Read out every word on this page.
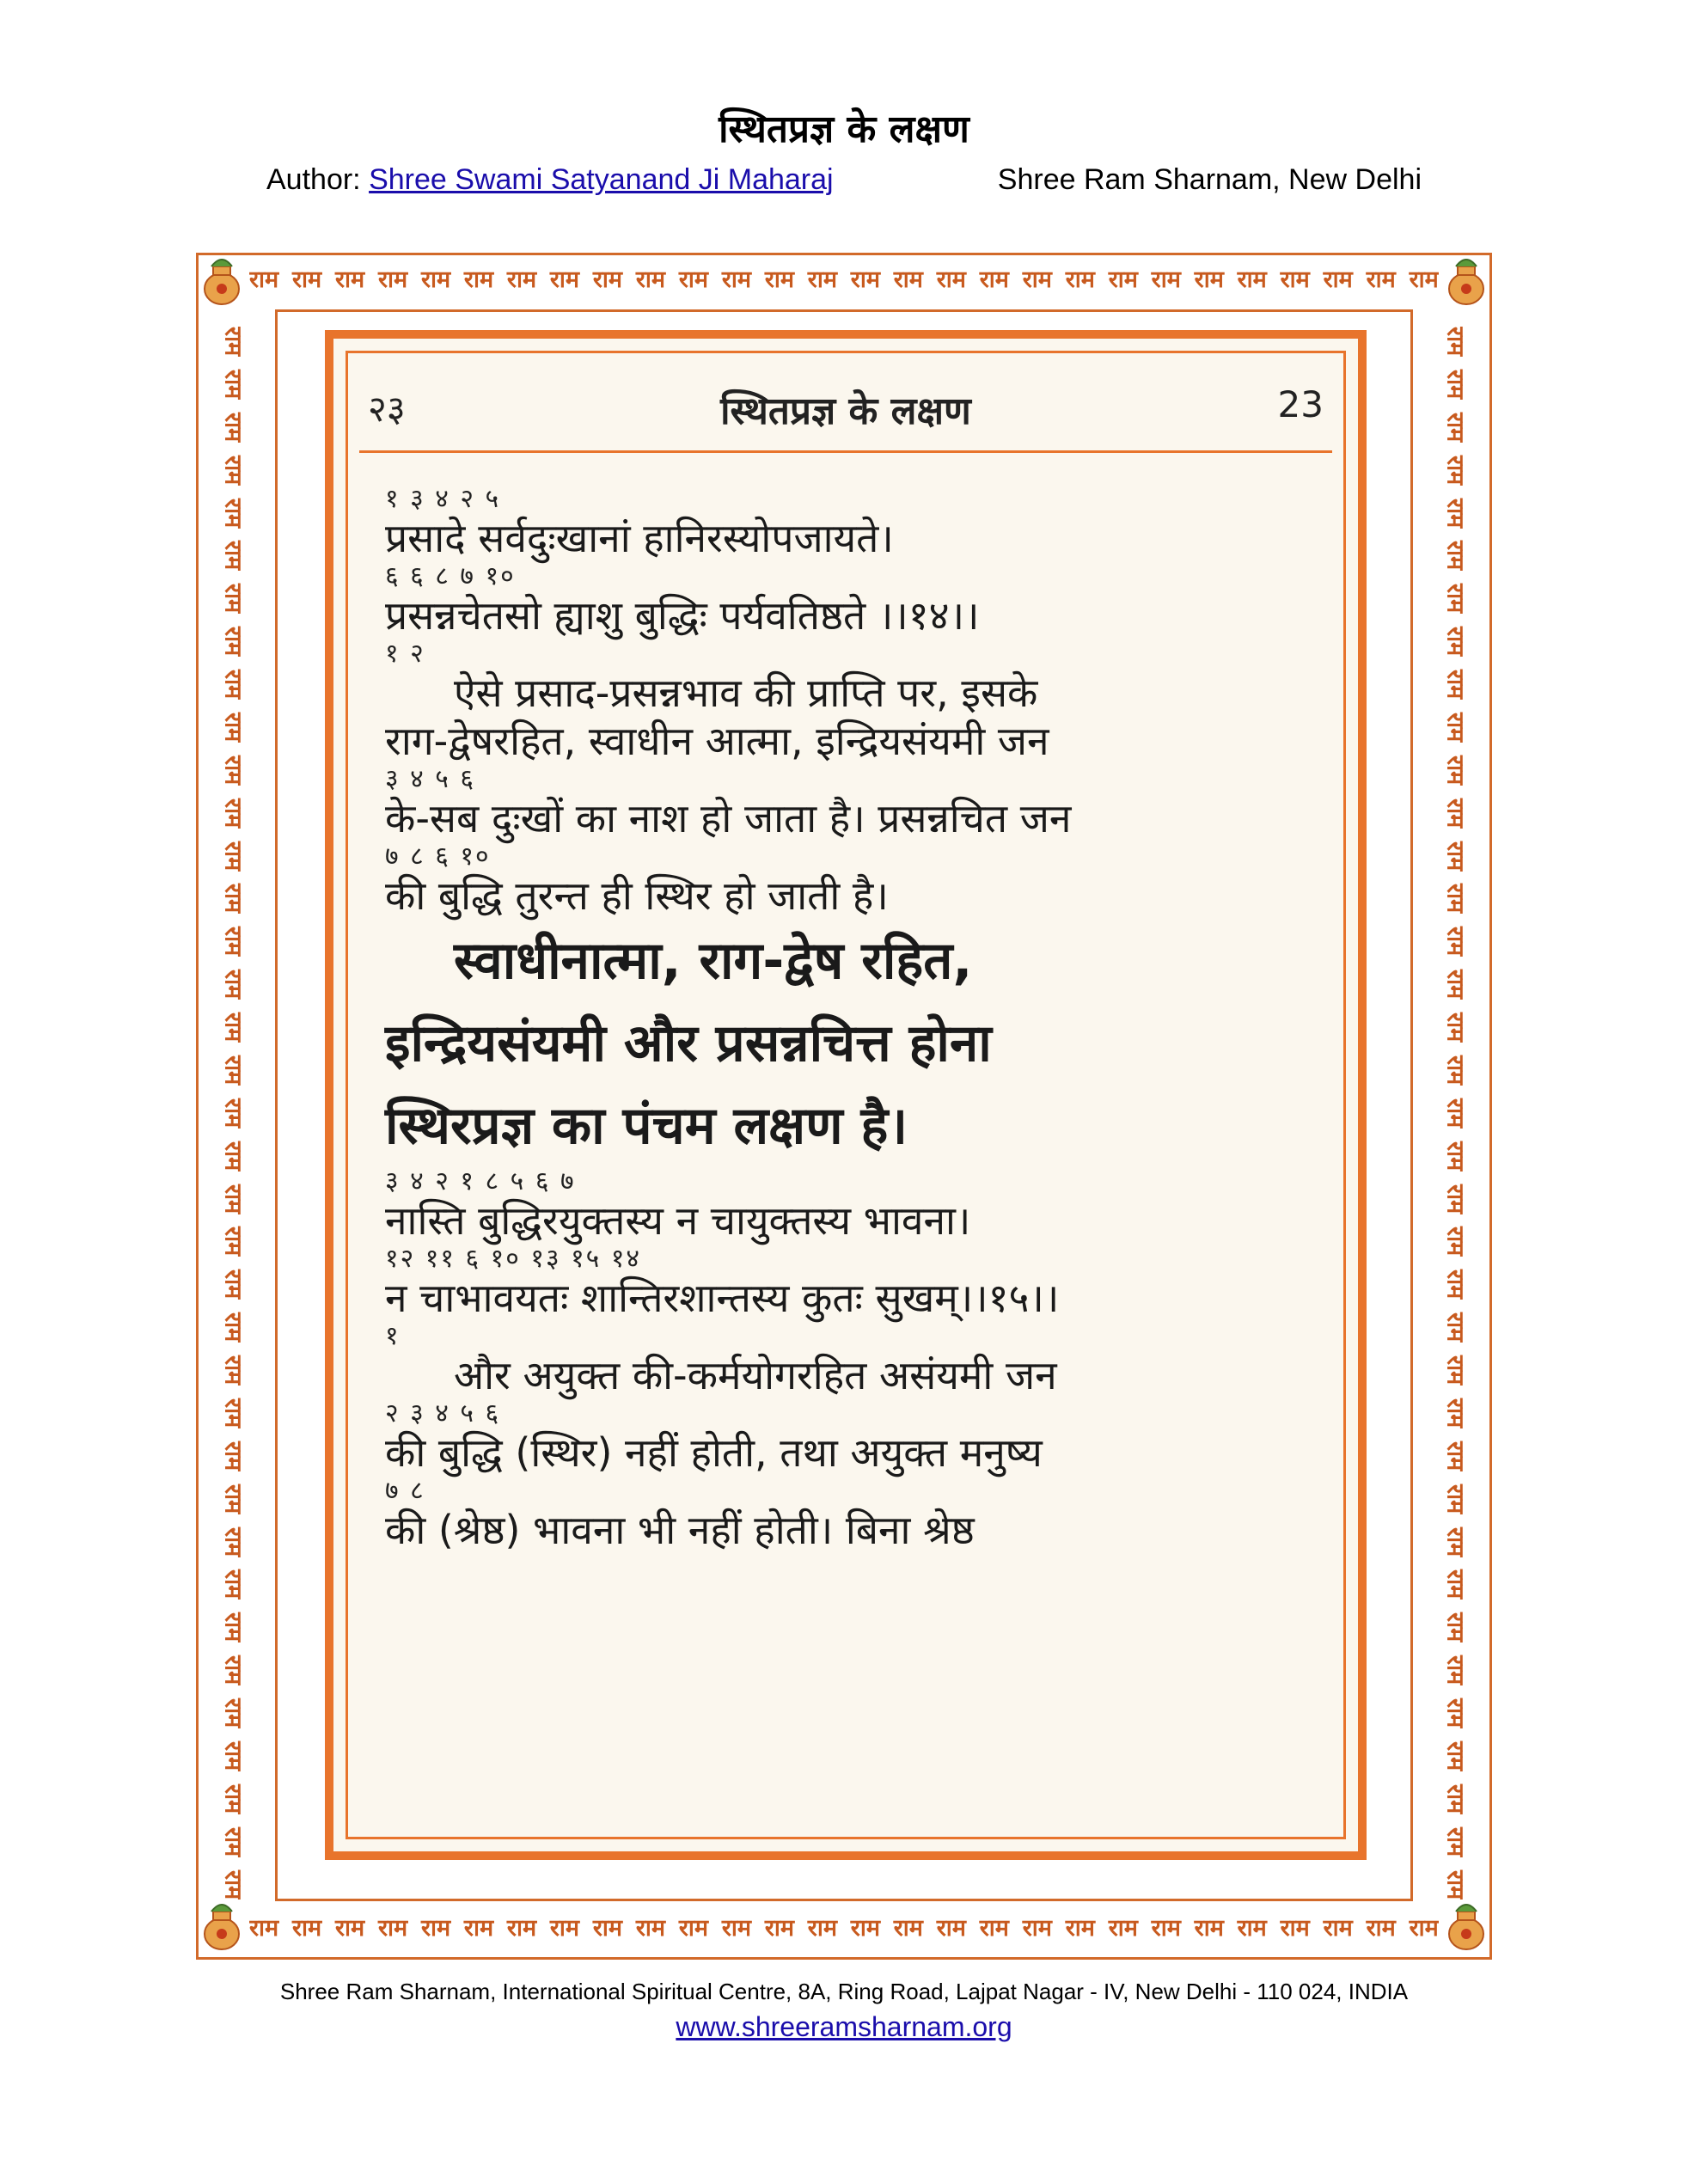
स्थितप्रज्ञ के लक्षण
Author: Shree Swami Satyanand Ji Maharaj	Shree Ram Sharnam, New Delhi
राम राम राम राम राम राम राम राम राम राम राम राम राम राम राम राम राम राम राम राम राम राम राम राम राम राम राम राम
राम राम राम राम राम राम राम राम राम राम राम राम राम राम राम राम राम राम राम राम राम राम राम राम राम राम राम राम
राम
राम
राम
राम
राम
राम
राम
राम
राम
राम
राम
राम
राम
राम
राम
राम
राम
राम
राम
राम
राम
राम
राम
राम
राम
राम
राम
राम
राम
राम
राम
राम
राम
राम
राम
राम
राम
राम
राम
राम
राम
राम
राम
राम
राम
राम
राम
राम
राम
राम
राम
राम
राम
राम
राम
राम
राम
राम
राम
राम
राम
राम
राम
राम
राम
राम
राम
राम
राम
राम
राम
राम
राम
राम
२३	स्थितप्रज्ञ के लक्षण	23
१ ३ ४ २ ५
प्रसादे सर्वदुःखानां हानिरस्योपजायते।
६ ६ ८ ७ १०
प्रसन्नचेतसो ह्याशु बुद्धिः पर्यवतिष्ठते ।।१४।।
१ २
ऐसे प्रसाद-प्रसन्नभाव की प्राप्ति पर, इसके
राग-द्वेषरहित, स्वाधीन आत्मा, इन्द्रियसंयमी जन
३ ४ ५ ६
के-सब दुःखों का नाश हो जाता है। प्रसन्नचित जन
७ ८ ६ १०
की बुद्धि तुरन्त ही स्थिर हो जाती है।
स्वाधीनात्मा, राग-द्वेष रहित,
इन्द्रियसंयमी और प्रसन्नचित्त होना
स्थिरप्रज्ञ का पंचम लक्षण है।
३ ४ २ १ ८ ५ ६ ७
नास्ति बुद्धिरयुक्तस्य न चायुक्तस्य भावना।
१२ ११ ६ १० १३ १५ १४
न चाभावयतः शान्तिरशान्तस्य कुतः सुखम्।।१५।।
१
और अयुक्त की-कर्मयोगरहित असंयमी जन
२ ३ ४ ५ ६
की बुद्धि (स्थिर) नहीं होती, तथा अयुक्त मनुष्य
७ ८
की (श्रेष्ठ) भावना भी नहीं होती। बिना श्रेष्ठ
Shree Ram Sharnam, International Spiritual Centre, 8A, Ring Road, Lajpat Nagar - IV, New Delhi - 110 024, INDIA
www.shreeramsharnam.org
